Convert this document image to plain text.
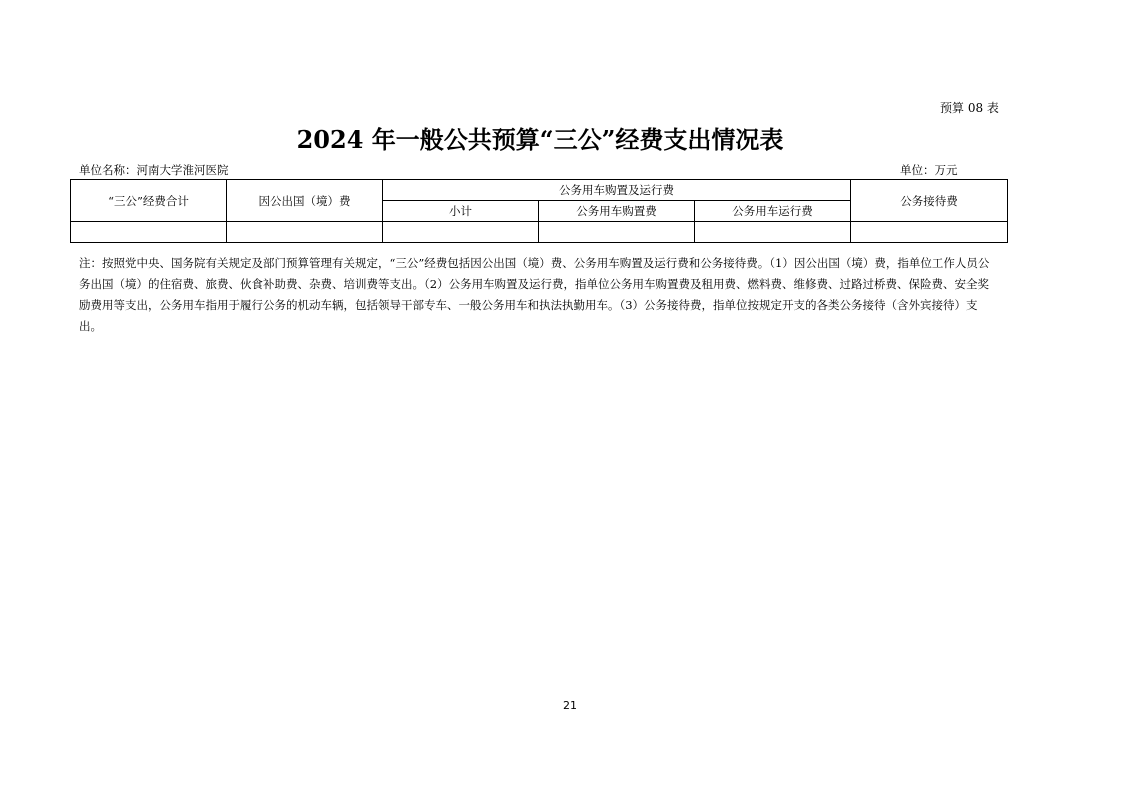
预算 08 表
2024 年一般公共预算“三公”经费支出情况表
单位名称：河南大学淮河医院	单位：万元
“三公”经费合计	因公出国（境）费	公务用车购置及运行费			公务接待费
		小计	公务用车购置费	公务用车运行费	

注：按照党中央、国务院有关规定及部门预算管理有关规定，“三公”经费包括因公出国（境）费、公务用车购置及运行费和公务接待费。（1）因公出国（境）费，指单位工作人员公务出国（境）的住宿费、旅费、伙食补助费、杂费、培训费等支出。（2）公务用车购置及运行费，指单位公务用车购置费及租用费、燃料费、维修费、过路过桥费、保险费、安全奖励费用等支出，公务用车指用于履行公务的机动车辆，包括领导干部专车、一般公务用车和执法执勤用车。（3）公务接待费，指单位按规定开支的各类公务接待（含外宾接待）支出。
21
